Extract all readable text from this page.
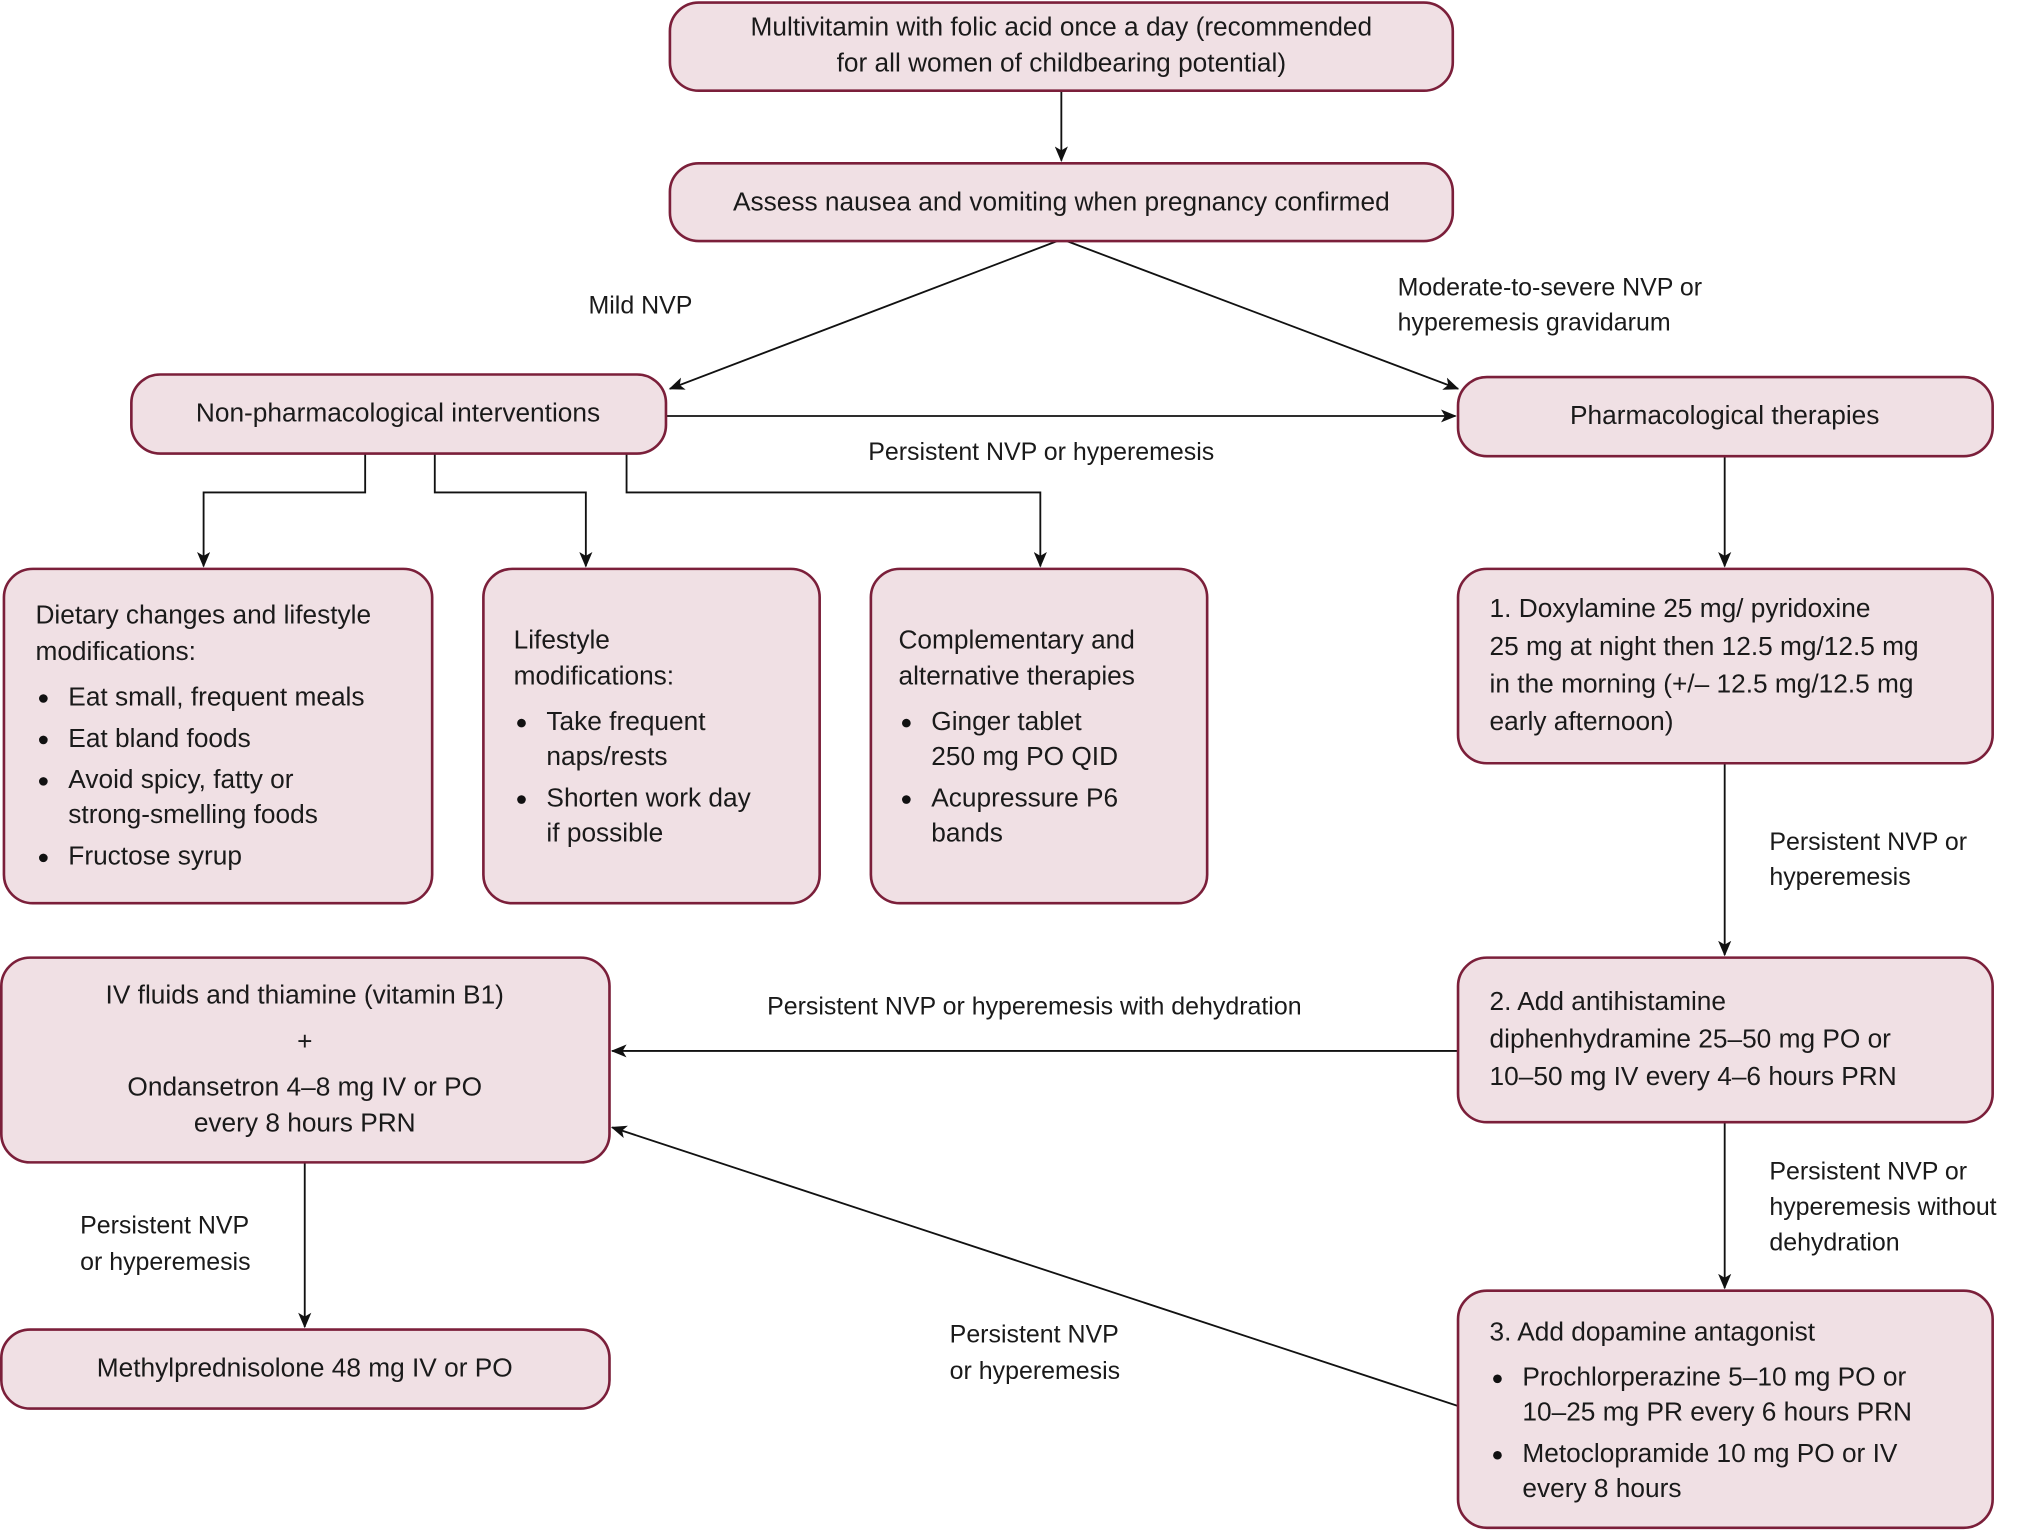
Multivitamin with folic acid once a day (recommended
for all women of childbearing potential)
Assess nausea and vomiting when pregnancy confirmed
Non-pharmacological interventions	Pharmacological therapies
Dietary changes and lifestyle
modifications:
Eat small, frequent meals
Eat bland foods
Avoid spicy, fatty or
strong-smelling foods
Fructose syrup
Lifestyle
modifications:
Take frequent
naps/rests
Shorten work day
if possible
Complementary and
alternative therapies
Ginger tablet
250 mg PO QID
Acupressure P6
bands
1. Doxylamine 25 mg/ pyridoxine
25 mg at night then 12.5 mg/12.5 mg
in the morning (+/– 12.5 mg/12.5 mg
early afternoon)
2. Add antihistamine
diphenhydramine 25–50 mg PO or
10–50 mg IV every 4–6 hours PRN
IV fluids and thiamine (vitamin B1)
+
Ondansetron 4–8 mg IV or PO
every 8 hours PRN
Methylprednisolone 48 mg IV or PO
3. Add dopamine antagonist
Prochlorperazine 5–10 mg PO or
10–25 mg PR every 6 hours PRN
Metoclopramide 10 mg PO or IV
every 8 hours
Mild NVP
Moderate-to-severe NVP or
hyperemesis gravidarum
Persistent NVP or hyperemesis
Persistent NVP or
hyperemesis
Persistent NVP or hyperemesis with dehydration
Persistent NVP or
hyperemesis without
dehydration
Persistent NVP
or hyperemesis
Persistent NVP
or hyperemesis
